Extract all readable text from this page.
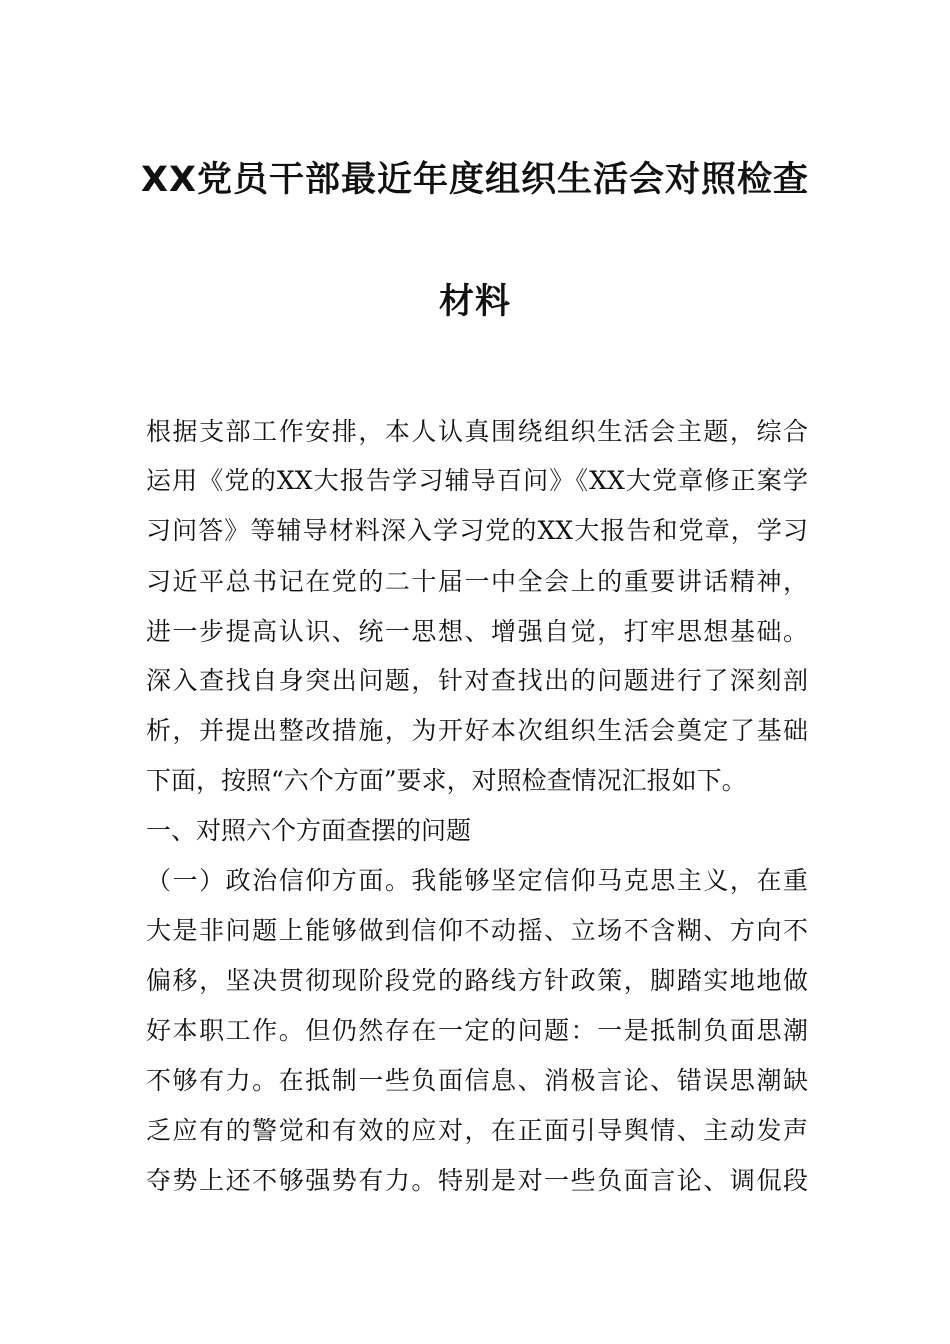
XX党员干部最近年度组织生活会对照检查
材料
根据支部工作安排，本人认真围绕组织生活会主题，综合
运用《党的XX大报告学习辅导百问》《XX大党章修正案学
习问答》等辅导材料深入学习党的XX大报告和党章，学习
习近平总书记在党的二十届一中全会上的重要讲话精神，
进一步提高认识、统一思想、增强自觉，打牢思想基础。
深入查找自身突出问题，针对查找出的问题进行了深刻剖
析，并提出整改措施，为开好本次组织生活会奠定了基础
下面，按照“六个方面”要求，对照检查情况汇报如下。
一、对照六个方面查摆的问题
（一）政治信仰方面。我能够坚定信仰马克思主义，在重
大是非问题上能够做到信仰不动摇、立场不含糊、方向不
偏移，坚决贯彻现阶段党的路线方针政策，脚踏实地地做
好本职工作。但仍然存在一定的问题：一是抵制负面思潮
不够有力。在抵制一些负面信息、消极言论、错误思潮缺
乏应有的警觉和有效的应对，在正面引导舆情、主动发声
夺势上还不够强势有力。特别是对一些负面言论、调侃段
